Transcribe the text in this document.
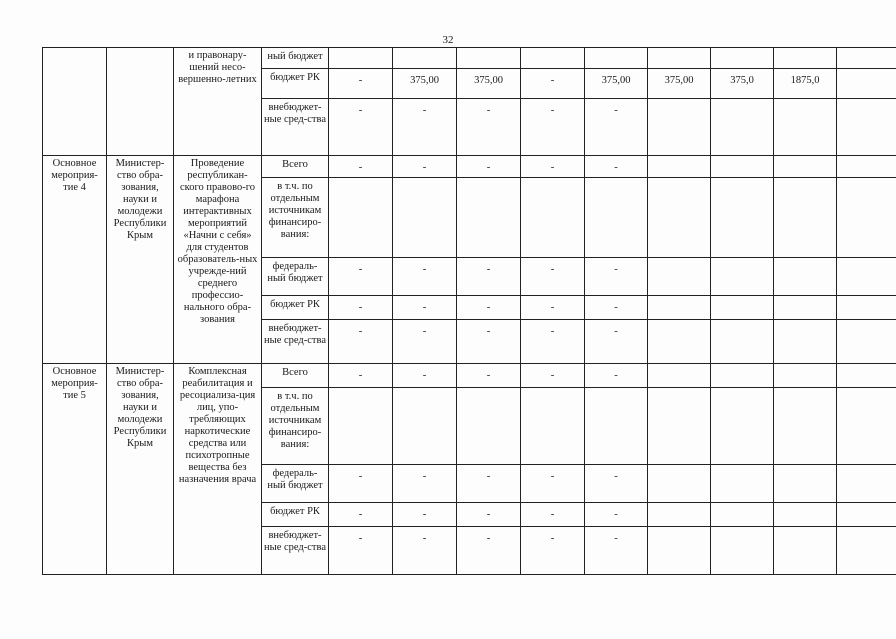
32
		и правонару-шений несо-вершенно-летних	ный бюджет									
			бюджет РК	-	375,00	375,00	-	375,00	375,00	375,0	1875,0	
			внебюджет-ные сред-ства	-	-	-	-	-				
Основное мероприя-тие 4	Министер-ство обра-зования, науки и молодежи Республики Крым	Проведение республикан-ского правово-го марафона интерактивных мероприятий «Начни с себя» для студентов образователь-ных учрежде-ний среднего профессио-нального обра-зования	Всего	-	-	-	-	-				
			в т.ч. по отдельным источникам финансиро-вания:									
			федераль-ный бюджет	-	-	-	-	-				
			бюджет РК	-	-	-	-	-				
			внебюджет-ные сред-ства	-	-	-	-	-				
Основное мероприя-тие 5	Министер-ство обра-зования, науки и молодежи Республики Крым	Комплексная реабилитация и ресоциализа-ция лиц, упо-требляющих наркотические средства или психотропные вещества без назначения врача	Всего	-	-	-	-	-				
			в т.ч. по отдельным источникам финансиро-вания:									
			федераль-ный бюджет	-	-	-	-	-				
			бюджет РК	-	-	-	-	-				
			внебюджет-ные сред-ства	-	-	-	-	-				
